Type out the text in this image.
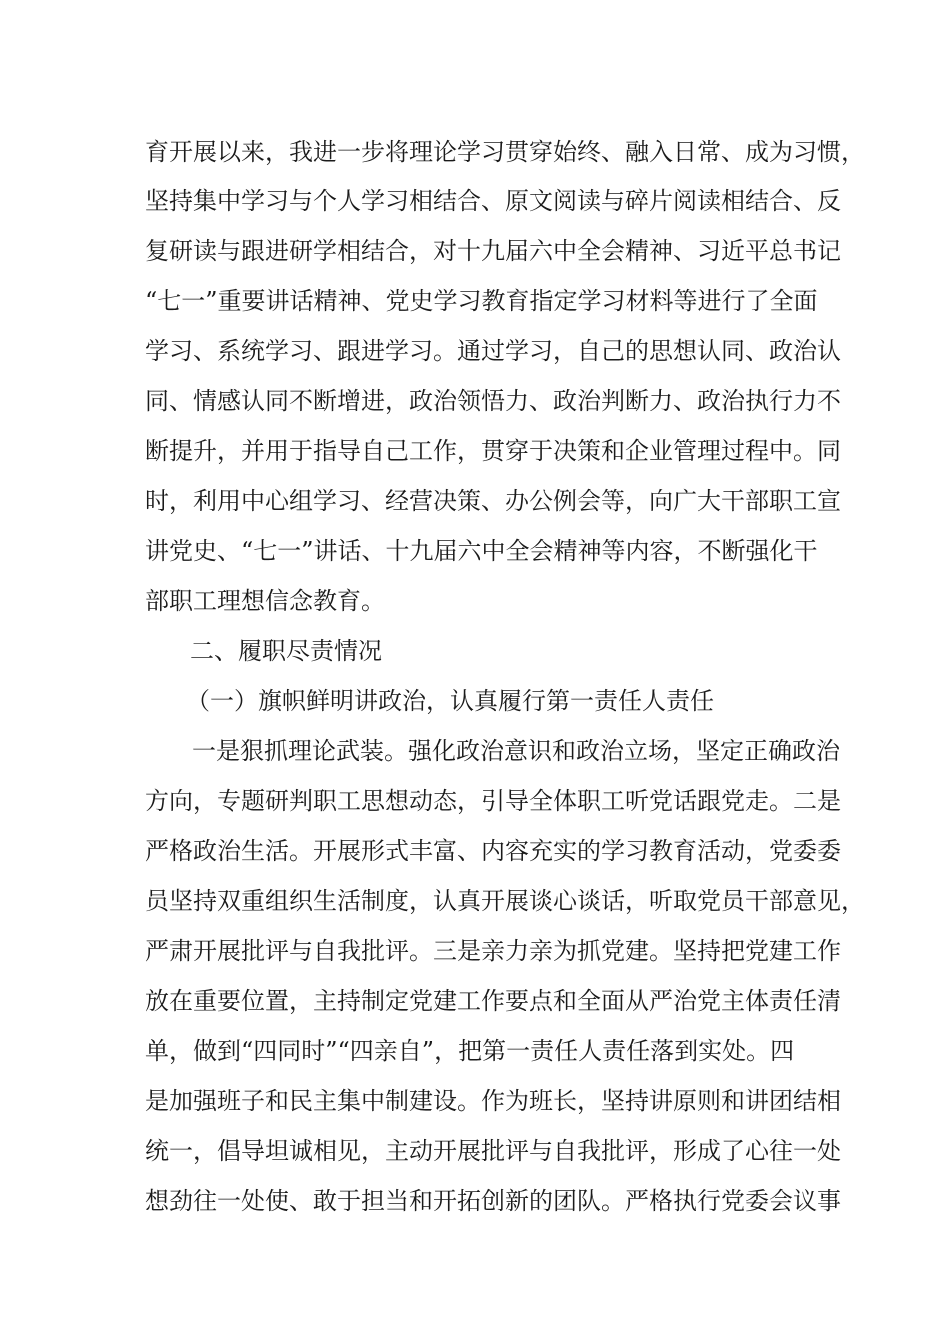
育开展以来，我进一步将理论学习贯穿始终、融入日常、成为习惯，
坚持集中学习与个人学习相结合、原文阅读与碎片阅读相结合、反
复研读与跟进研学相结合，对十九届六中全会精神、习近平总书记
“七一”重要讲话精神、党史学习教育指定学习材料等进行了全面
学习、系统学习、跟进学习。通过学习，自己的思想认同、政治认
同、情感认同不断增进，政治领悟力、政治判断力、政治执行力不
断提升，并用于指导自己工作，贯穿于决策和企业管理过程中。同
时，利用中心组学习、经营决策、办公例会等，向广大干部职工宣
讲党史、“七一”讲话、十九届六中全会精神等内容，不断强化干
部职工理想信念教育。
二、履职尽责情况
（一）旗帜鲜明讲政治，认真履行第一责任人责任
一是狠抓理论武装。强化政治意识和政治立场，坚定正确政治
方向，专题研判职工思想动态，引导全体职工听党话跟党走。二是
严格政治生活。开展形式丰富、内容充实的学习教育活动，党委委
员坚持双重组织生活制度，认真开展谈心谈话，听取党员干部意见，
严肃开展批评与自我批评。三是亲力亲为抓党建。坚持把党建工作
放在重要位置，主持制定党建工作要点和全面从严治党主体责任清
单，做到“四同时”“四亲自”，把第一责任人责任落到实处。四
是加强班子和民主集中制建设。作为班长，坚持讲原则和讲团结相
统一，倡导坦诚相见，主动开展批评与自我批评，形成了心往一处
想劲往一处使、敢于担当和开拓创新的团队。严格执行党委会议事
